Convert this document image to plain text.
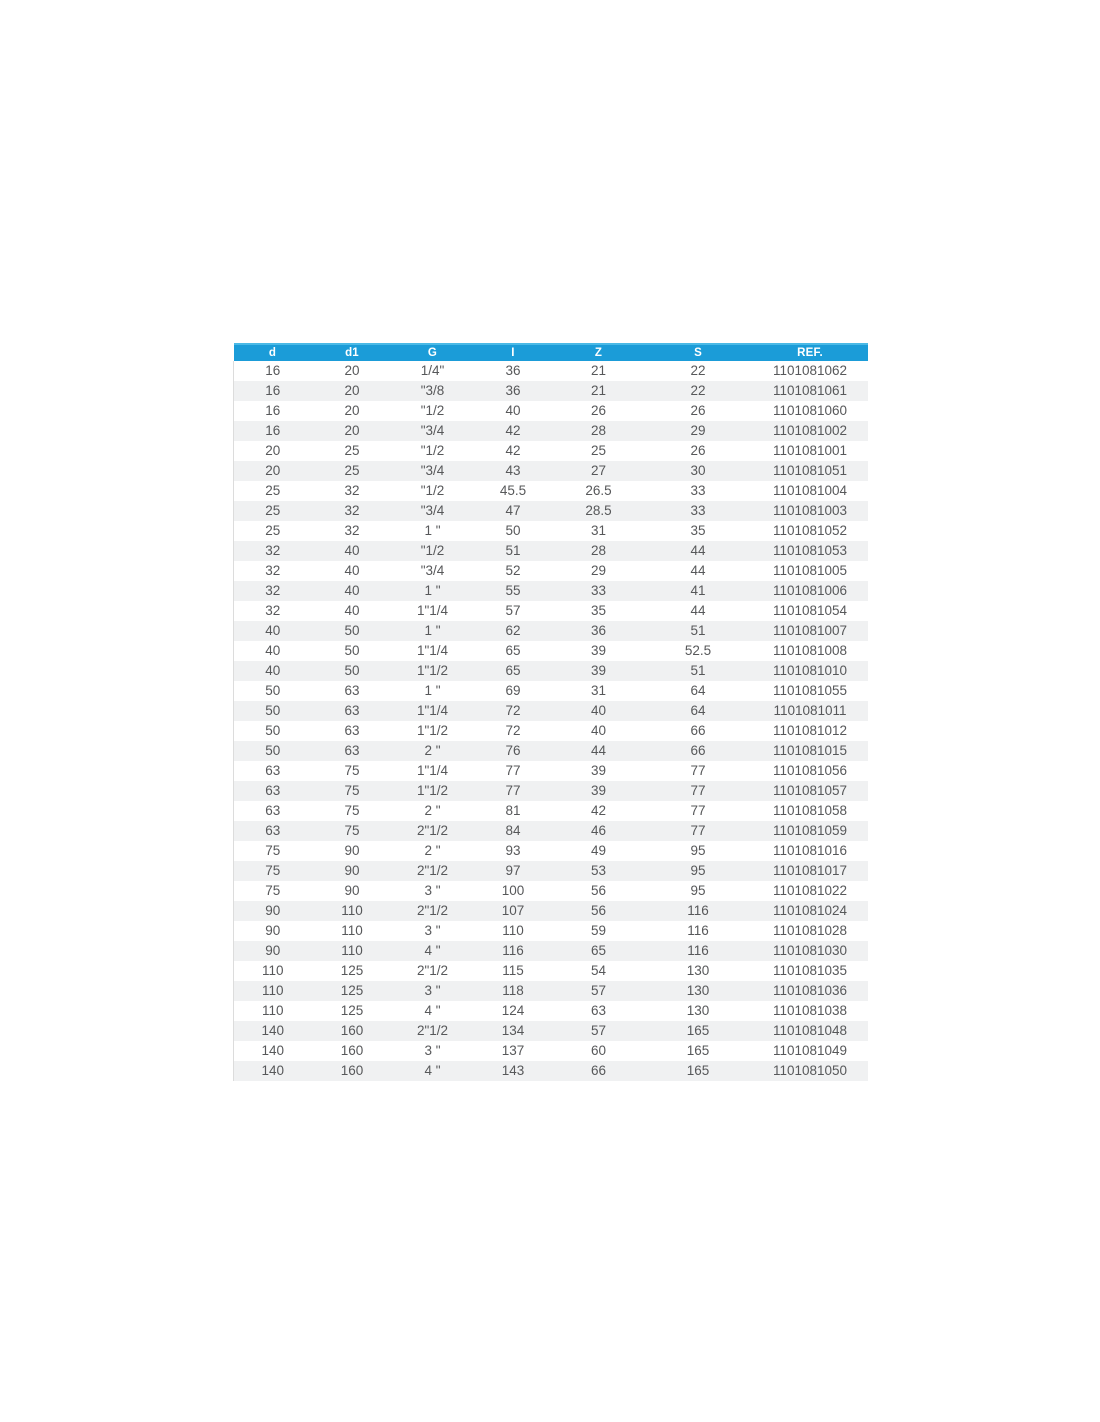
d	d1	G	I	Z	S	REF.
16	20	1/4"	36	21	22	1101081062
16	20	"3/8	36	21	22	1101081061
16	20	"1/2	40	26	26	1101081060
16	20	"3/4	42	28	29	1101081002
20	25	"1/2	42	25	26	1101081001
20	25	"3/4	43	27	30	1101081051
25	32	"1/2	45.5	26.5	33	1101081004
25	32	"3/4	47	28.5	33	1101081003
25	32	1 "	50	31	35	1101081052
32	40	"1/2	51	28	44	1101081053
32	40	"3/4	52	29	44	1101081005
32	40	1 "	55	33	41	1101081006
32	40	1"1/4	57	35	44	1101081054
40	50	1 "	62	36	51	1101081007
40	50	1"1/4	65	39	52.5	1101081008
40	50	1"1/2	65	39	51	1101081010
50	63	1 "	69	31	64	1101081055
50	63	1"1/4	72	40	64	1101081011
50	63	1"1/2	72	40	66	1101081012
50	63	2 "	76	44	66	1101081015
63	75	1"1/4	77	39	77	1101081056
63	75	1"1/2	77	39	77	1101081057
63	75	2 "	81	42	77	1101081058
63	75	2"1/2	84	46	77	1101081059
75	90	2 "	93	49	95	1101081016
75	90	2"1/2	97	53	95	1101081017
75	90	3 "	100	56	95	1101081022
90	110	2"1/2	107	56	116	1101081024
90	110	3 "	110	59	116	1101081028
90	110	4 "	116	65	116	1101081030
110	125	2"1/2	115	54	130	1101081035
110	125	3 "	118	57	130	1101081036
110	125	4 "	124	63	130	1101081038
140	160	2"1/2	134	57	165	1101081048
140	160	3 "	137	60	165	1101081049
140	160	4 "	143	66	165	1101081050
